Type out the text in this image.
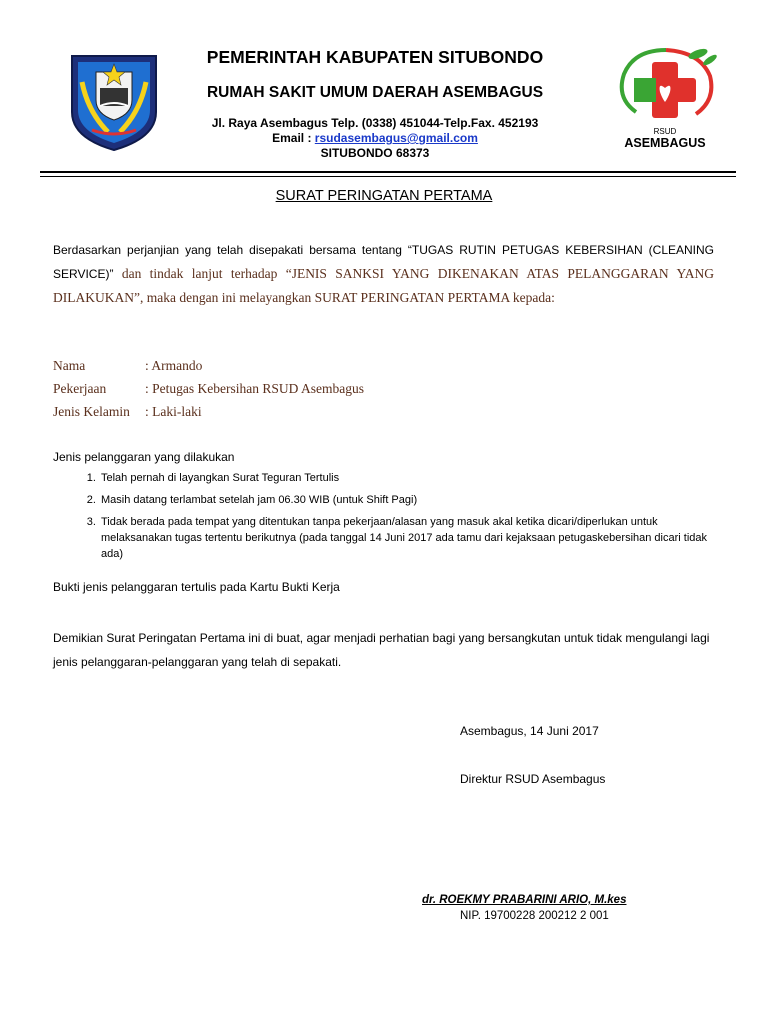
RSUD
ASEMBAGUS
PEMERINTAH KABUPATEN SITUBONDO
RUMAH SAKIT UMUM DAERAH ASEMBAGUS
Jl. Raya Asembagus Telp. (0338) 451044-Telp.Fax. 452193
Email : rsudasembagus@gmail.com
SITUBONDO 68373
SURAT PERINGATAN PERTAMA
Berdasarkan perjanjian yang telah disepakati bersama tentang “TUGAS RUTIN PETUGAS KEBERSIHAN (CLEANING SERVICE)” dan tindak lanjut terhadap “JENIS SANKSI YANG DIKENAKAN ATAS PELANGGARAN YANG DILAKUKAN”, maka dengan ini melayangkan SURAT PERINGATAN PERTAMA kepada:
Nama	: Armando
Pekerjaan	: Petugas Kebersihan RSUD Asembagus
Jenis Kelamin : Laki-laki
Jenis pelanggaran yang dilakukan
1. Telah pernah di layangkan Surat Teguran Tertulis
2. Masih datang terlambat setelah jam 06.30 WIB (untuk Shift Pagi)
3. Tidak berada pada tempat yang ditentukan tanpa pekerjaan/alasan yang masuk akal ketika dicari/diperlukan untuk melaksanakan tugas tertentu berikutnya (pada tanggal 14 Juni 2017 ada tamu dari kejaksaan petugaskebersihan dicari tidak ada)
Bukti jenis pelanggaran tertulis pada Kartu Bukti Kerja
Demikian Surat Peringatan Pertama ini di buat, agar menjadi perhatian bagi yang bersangkutan untuk tidak mengulangi lagi jenis pelanggaran-pelanggaran yang telah di sepakati.
Asembagus, 14 Juni 2017
Direktur RSUD Asembagus
dr. ROEKMY PRABARINI ARIO, M.kes
NIP. 19700228 200212 2 001
